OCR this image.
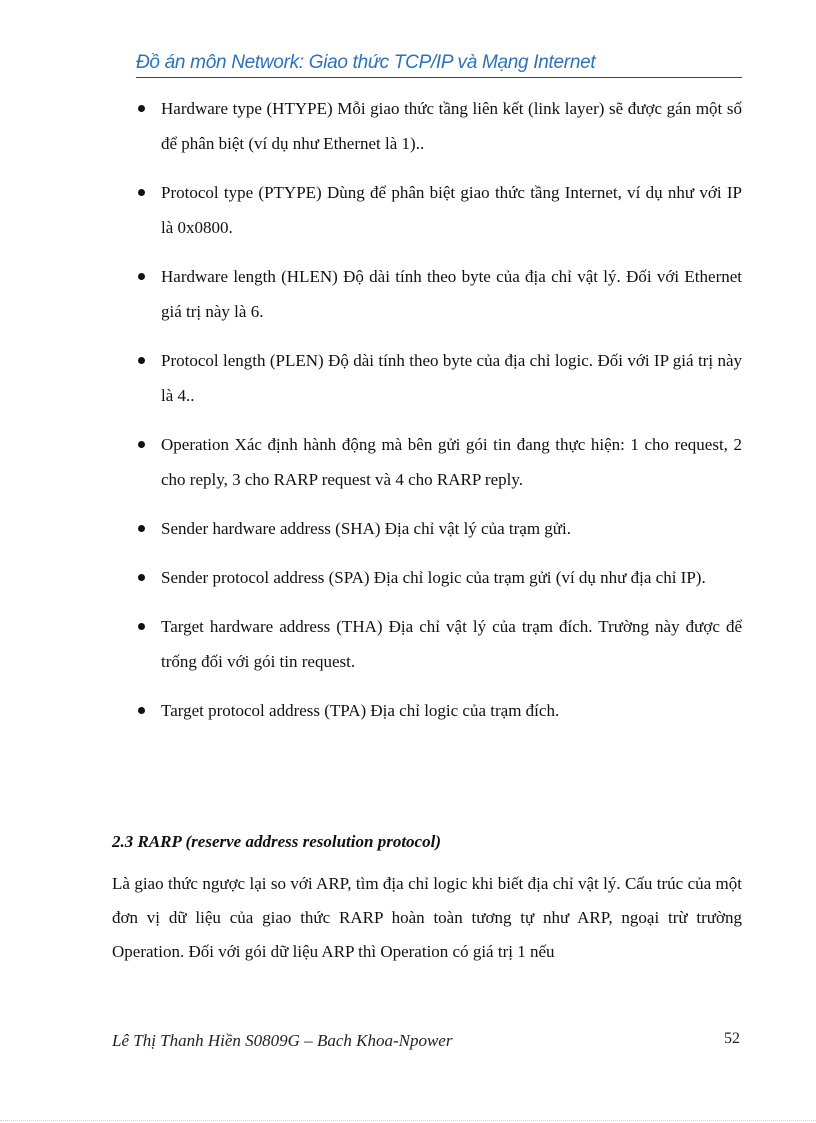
Đồ án môn Network: Giao thức TCP/IP và Mạng Internet
Hardware type (HTYPE) Mỗi giao thức tầng liên kết (link layer) sẽ được gán một số để phân biệt (ví dụ như Ethernet là 1)..
Protocol type (PTYPE) Dùng để phân biệt giao thức tầng Internet, ví dụ như với IP là 0x0800.
Hardware length (HLEN) Độ dài tính theo byte của địa chỉ vật lý. Đối với Ethernet giá trị này là 6.
Protocol length (PLEN) Độ dài tính theo byte của địa chỉ logic. Đối với IP giá trị này là 4..
Operation Xác định hành động mà bên gửi gói tin đang thực hiện: 1 cho request, 2 cho reply, 3 cho RARP request và 4 cho RARP reply.
Sender hardware address (SHA) Địa chỉ vật lý của trạm gửi.
Sender protocol address (SPA) Địa chỉ logic của trạm gửi (ví dụ như địa chỉ IP).
Target hardware address (THA) Địa chỉ vật lý của trạm đích. Trường này được để trống đối với gói tin request.
Target protocol address (TPA) Địa chỉ logic của trạm đích.
2.3 RARP (reserve address resolution protocol)

Là giao thức ngược lại so với ARP, tìm địa chỉ logic khi biết địa chỉ vật lý. Cấu trúc của một đơn vị dữ liệu của giao thức RARP hoàn toàn tương tự như ARP, ngoại trừ trường Operation. Đối với gói dữ liệu ARP thì Operation có giá trị 1 nếu

Lê Thị Thanh Hiền S0809G – Bach Khoa-Npower	52
